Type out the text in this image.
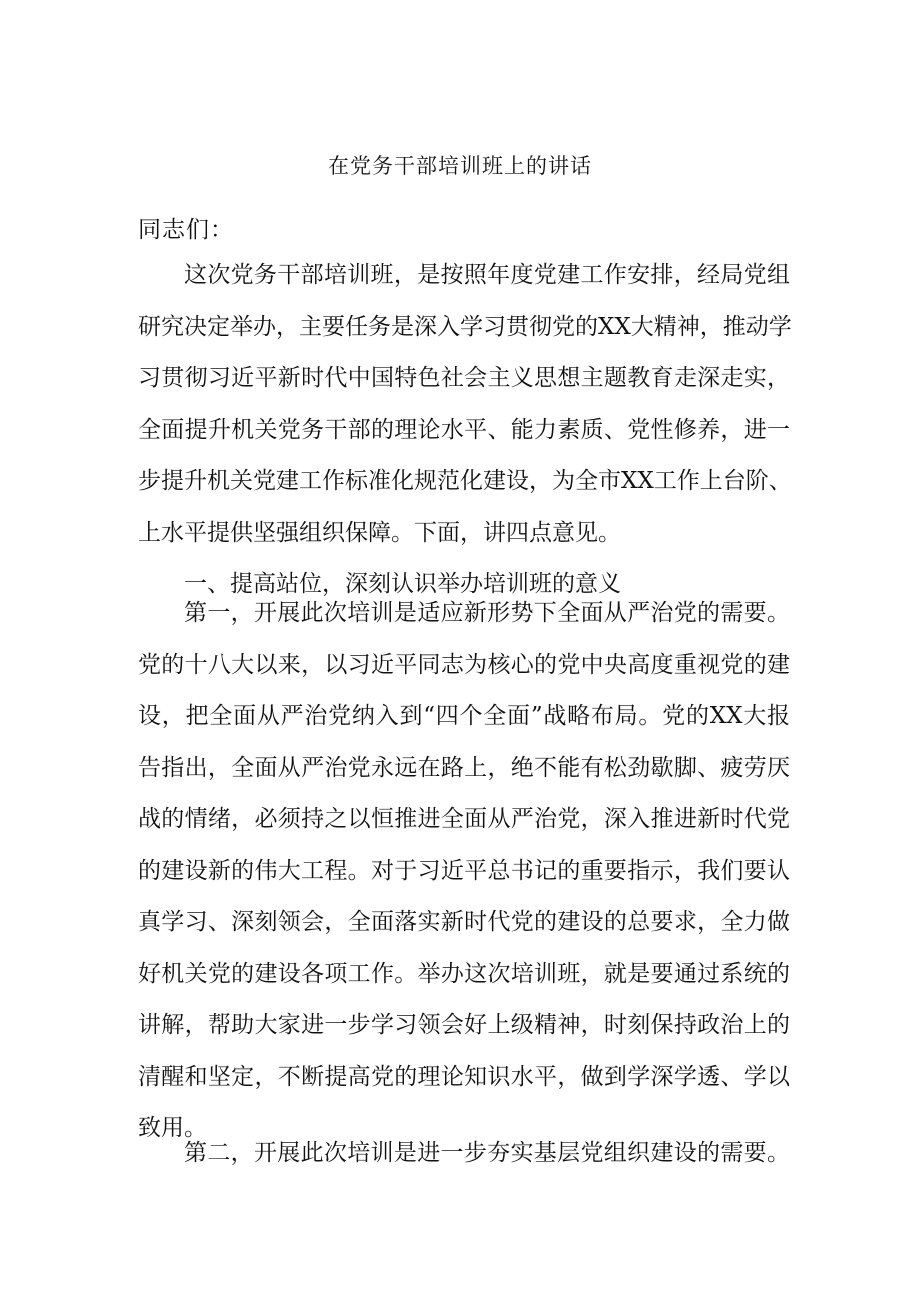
在党务干部培训班上的讲话
同志们：
这次党务干部培训班，是按照年度党建工作安排，经局党组
研究决定举办，主要任务是深入学习贯彻党的XX大精神，推动学
习贯彻习近平新时代中国特色社会主义思想主题教育走深走实，
全面提升机关党务干部的理论水平、能力素质、党性修养，进一
步提升机关党建工作标准化规范化建设，为全市XX工作上台阶、
上水平提供坚强组织保障。下面，讲四点意见。
一、提高站位，深刻认识举办培训班的意义
第一，开展此次培训是适应新形势下全面从严治党的需要。
党的十八大以来，以习近平同志为核心的党中央高度重视党的建
设，把全面从严治党纳入到“四个全面”战略布局。党的XX大报
告指出，全面从严治党永远在路上，绝不能有松劲歇脚、疲劳厌
战的情绪，必须持之以恒推进全面从严治党，深入推进新时代党
的建设新的伟大工程。对于习近平总书记的重要指示，我们要认
真学习、深刻领会，全面落实新时代党的建设的总要求，全力做
好机关党的建设各项工作。举办这次培训班，就是要通过系统的
讲解，帮助大家进一步学习领会好上级精神，时刻保持政治上的
清醒和坚定，不断提高党的理论知识水平，做到学深学透、学以
致用。
第二，开展此次培训是进一步夯实基层党组织建设的需要。
